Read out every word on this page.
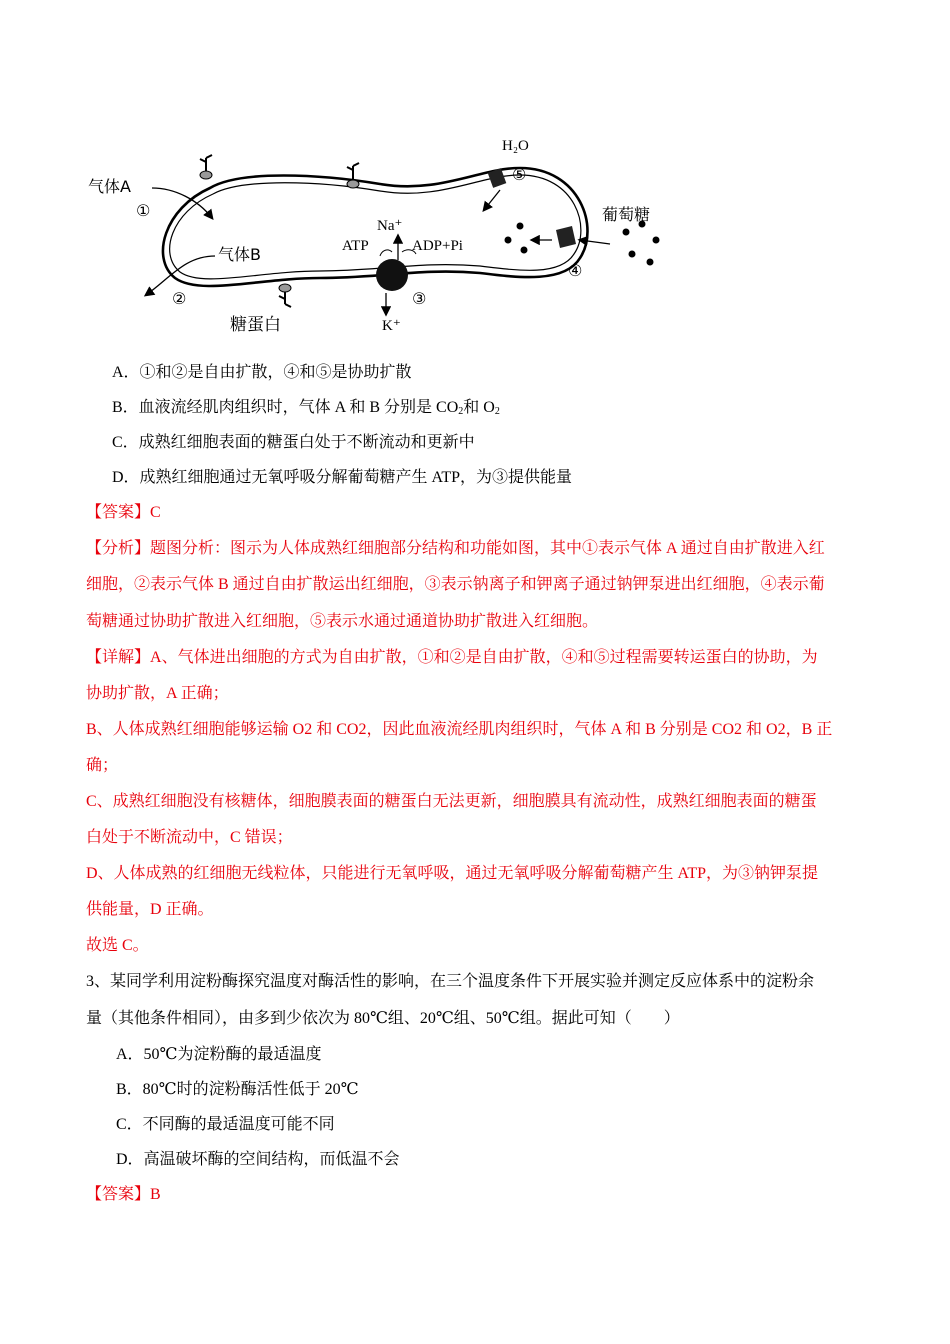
气体A
①
气体B
②
糖蛋白
H₂O
⑤
葡萄糖
④
Na⁺
ATP	ADP+Pi
③
K⁺
A．①和②是自由扩散，④和⑤是协助扩散
B．血液流经肌肉组织时，气体 A 和 B 分别是 $CO_2$和 $O_2$
C．成熟红细胞表面的糖蛋白处于不断流动和更新中
D．成熟红细胞通过无氧呼吸分解葡萄糖产生 ATP，为③提供能量
【答案】C
【分析】题图分析：图示为人体成熟红细胞部分结构和功能如图，其中①表示气体 A 通过自由扩散进入红
细胞，②表示气体 B 通过自由扩散运出红细胞，③表示钠离子和钾离子通过钠钾泵进出红细胞，④表示葡
萄糖通过协助扩散进入红细胞，⑤表示水通过通道协助扩散进入红细胞。
【详解】A、气体进出细胞的方式为自由扩散，①和②是自由扩散，④和⑤过程需要转运蛋白的协助，为
协助扩散，A 正确；
B、人体成熟红细胞能够运输 O2 和 CO2，因此血液流经肌肉组织时，气体 A 和 B 分别是 CO2 和 O2，B 正
确；
C、成熟红细胞没有核糖体，细胞膜表面的糖蛋白无法更新，细胞膜具有流动性，成熟红细胞表面的糖蛋
白处于不断流动中，C 错误；
D、人体成熟的红细胞无线粒体，只能进行无氧呼吸，通过无氧呼吸分解葡萄糖产生 ATP，为③钠钾泵提
供能量，D 正确。
故选 C。
3、某同学利用淀粉酶探究温度对酶活性的影响，在三个温度条件下开展实验并测定反应体系中的淀粉余
量（其他条件相同），由多到少依次为 80℃组、20℃组、50℃组。据此可知（　　）
A．50℃为淀粉酶的最适温度
B．80℃时的淀粉酶活性低于 20℃
C．不同酶的最适温度可能不同
D．高温破坏酶的空间结构，而低温不会
【答案】B
